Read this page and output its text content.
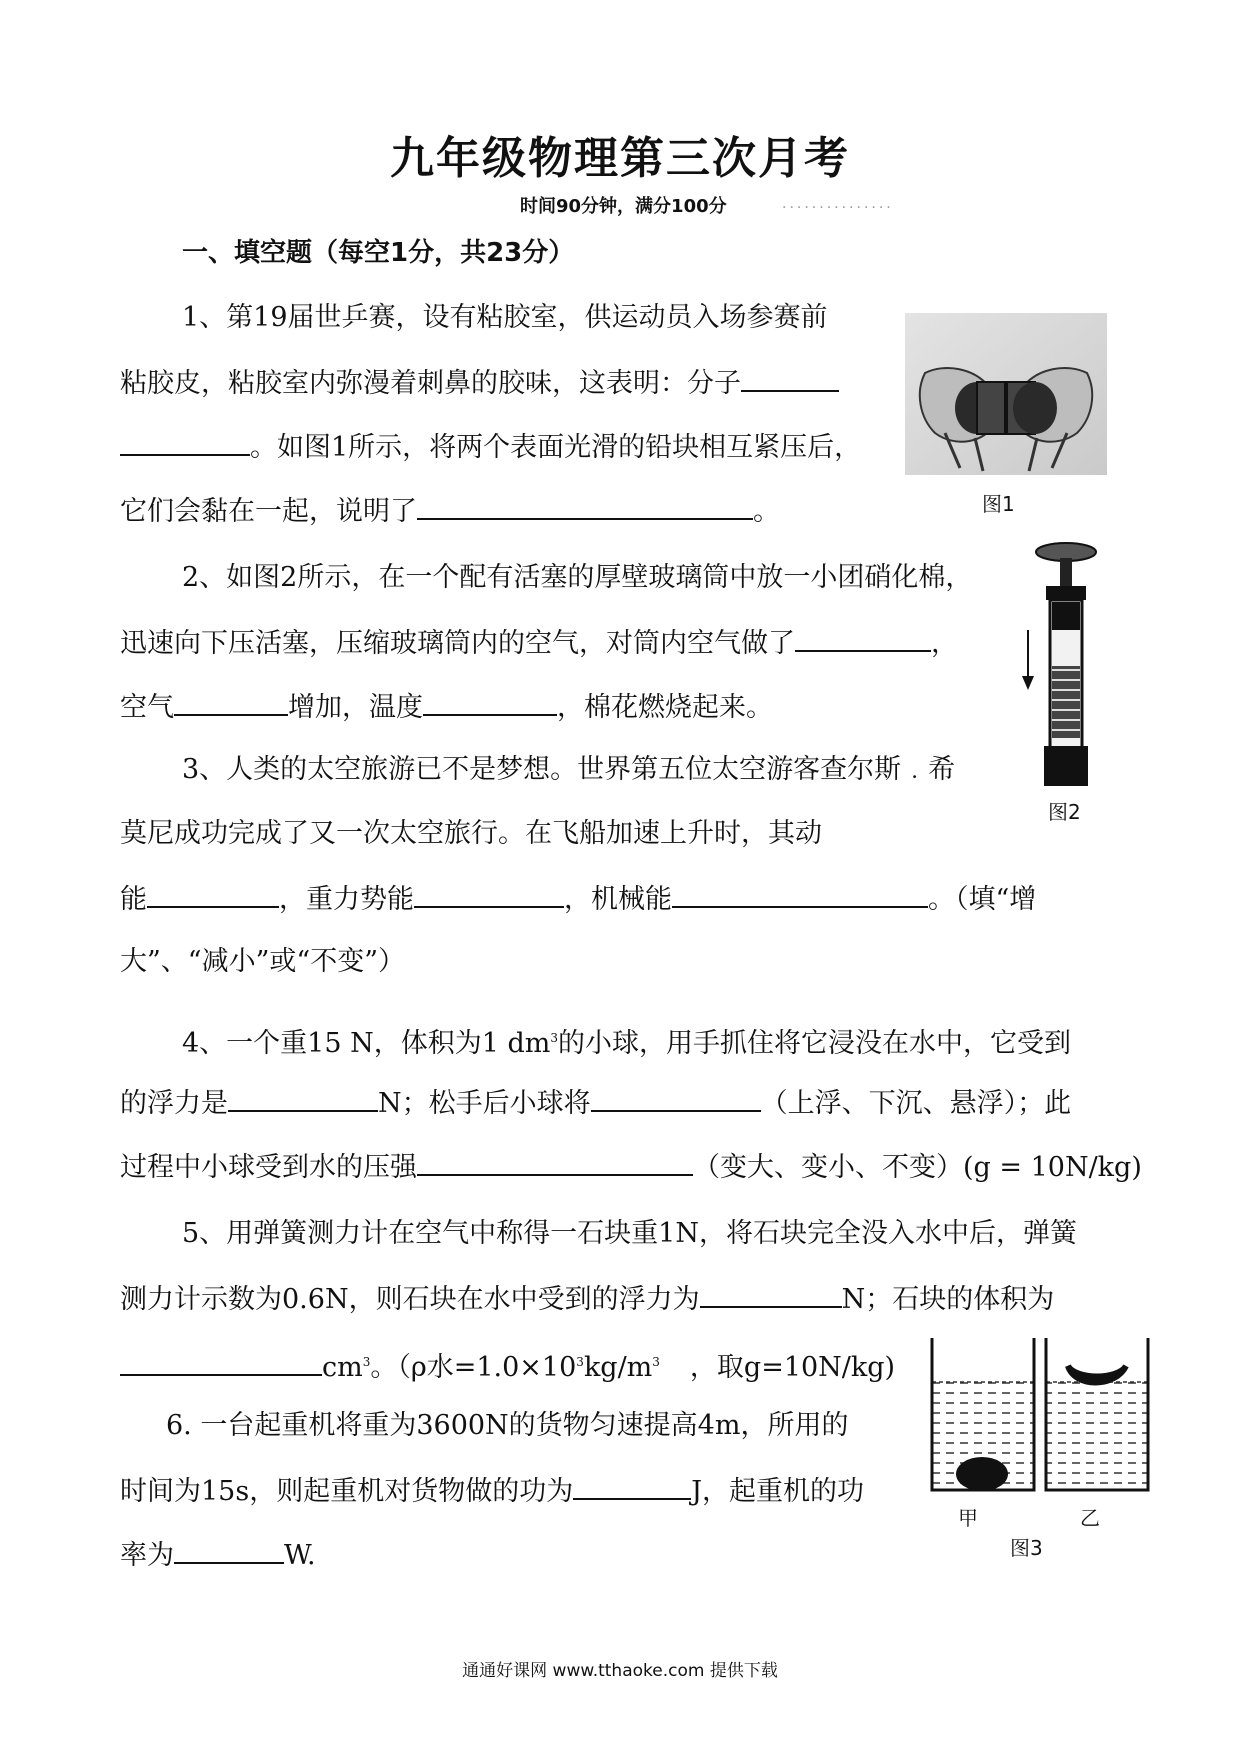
九年级物理第三次月考
时间90分钟，满分100分	...............
一、填空题（每空1分，共23分）
1、第19届世乒赛，设有粘胶室，供运动员入场参赛前
粘胶皮，粘胶室内弥漫着刺鼻的胶味，这表明：分子
。如图1所示，将两个表面光滑的铅块相互紧压后，
它们会黏在一起，说明了	。	图1
2、如图2所示，在一个配有活塞的厚壁玻璃筒中放一小团硝化棉，
迅速向下压活塞，压缩玻璃筒内的空气，对筒内空气做了	，
空气	增加，温度	，棉花燃烧起来。
图2
3、人类的太空旅游已不是梦想。世界第五位太空游客查尔斯﹒希
莫尼成功完成了又一次太空旅行。在飞船加速上升时，其动
能	，重力势能	，机械能	。（填“增
大”、“减小”或“不变”）
4、一个重15 N，体积为1 $dm^3$的小球，用手抓住将它浸没在水中，它受到
的浮力是	N；松手后小球将	（上浮、下沉、悬浮）；此
过程中小球受到水的压强	（变大、变小、不变）(g = 10N/kg)
5、用弹簧测力计在空气中称得一石块重1N，将石块完全没入水中后，弹簧
测力计示数为0.6N，则石块在水中受到的浮力为	N；石块的体积为
$cm^3$。（ρ水$=1.0\times 10^3kg/m^3$ ，取g=10N/kg)
6. 一台起重机将重为3600N的货物匀速提高4m，所用的
时间为15s，则起重机对货物做的功为	J，起重机的功
率为	W.
甲	乙
图3
通通好课网 www.tthaoke.com 提供下载
